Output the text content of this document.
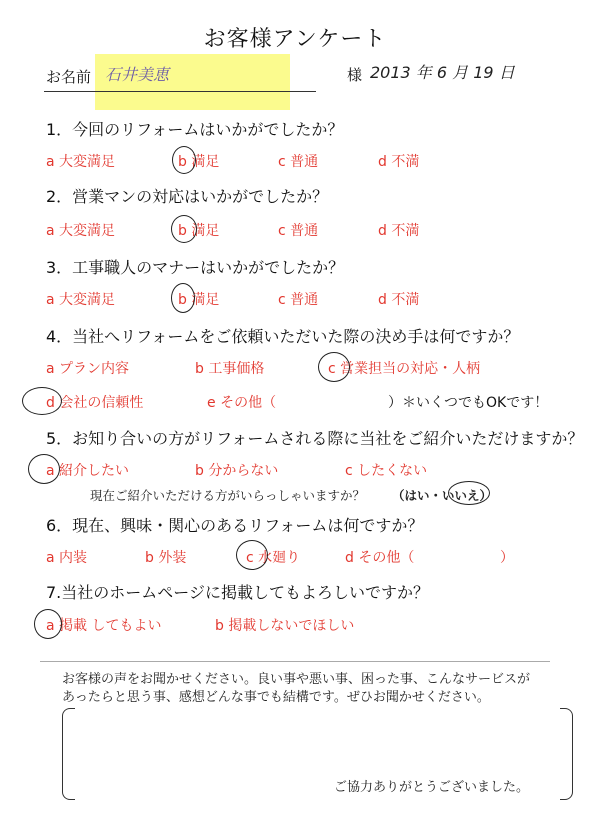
お客様アンケート
お名前 石井美恵	様 2013 年 6 月 19 日
1．今回のリフォームはいかがでしたか？
a 大変満足	b 満足	c 普通	d 不満
2．営業マンの対応はいかがでしたか？
a 大変満足	b 満足	c 普通	d 不満
3．工事職人のマナーはいかがでしたか？
a 大変満足	b 満足	c 普通	d 不満
4．当社へリフォームをご依頼いただいた際の決め手は何ですか？
a プラン内容	b 工事価格	c 営業担当の対応・人柄
d 会社の信頼性	e その他（	）＊いくつでもOKです！
5．お知り合いの方がリフォームされる際に当社をご紹介いただけますか？
a 紹介したい	b 分からない	c したくない
現在ご紹介いただける方がいらっしゃいますか？ （はい・いいえ）
6．現在、興味・関心のあるリフォームは何ですか？
a 内装	b 外装	c 水廻り	d その他（	）
7.当社のホームページに掲載してもよろしいですか？
a 掲載 してもよい	b 掲載しないでほしい
お客様の声をお聞かせください。良い事や悪い事、困った事、こんなサービスが
あったらと思う事、感想どんな事でも結構です。ぜひお聞かせください。
ご協力ありがとうございました。
